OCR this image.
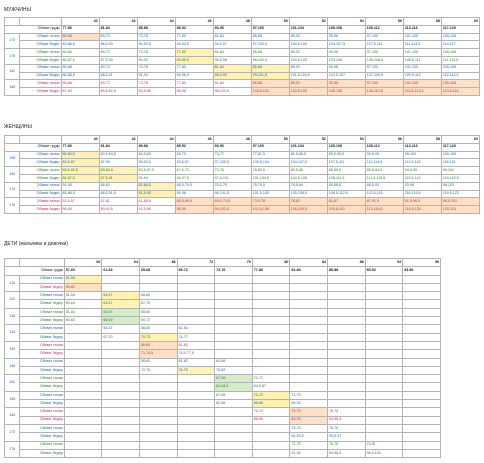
МУЖЧИНЫ
		40	42	44	46	48	50	52	54	56	58	60
Обхват груди		77-80	81-84	85-88	89-92	93-96	97-100	101-104	105-108	109-112	113-116	117-120
170	Обхват талии	65-68	69-72	73-76	77-80	81-84	85-88	89-92	93-96	97-100	101-105	105-108
	Обхват бедер	83-86,5	86,5-90	90-93,5	94-94,5	94,5-97	97-100,5	100,5-104	104-107,5	107,5-111	111-114,5	114-117
176	Обхват талии	65-68	69-72	73-76	77-80	81-84	85-88	89-92	93-96	97-100	101-105	105-108
	Обхват бедер	85-87,5	87,5-90	90-93	93-95,5	95,5-98	98-100,5	100,5-103	103-106	106-108,5	108,5-111	111-113,5
182	Обхват талии	65-68	69-72	73-76	77-80	81-84	85-88	89-92	93-96	97-100	101-105	105-108
	Обхват бедер	86-88,5	88,5-91	91-94	94-96,5	96,5-99	99-101,5	101,5-104,5	104,5-107	107-109,5	109,5-112	112-114,5
188	Обхват талии	65-68	69-72	73-76	77-80	81-84	85-88	89-92	93-96	97-100	101-105	105-108
	Обхват бедер	87-90	89,5-92,5	92,5-95	95-98	98-100,5	100,5-102	102,5-105	105-108	108-110,5	110,5-113,5	113,5-116
ЖЕНЩИНЫ
		40	42	44	46	48	50	52	54	56	58	60
Обхват груди		77-80	81-84	85-88	89-92	93-96	97-100	101-104	105-108	109-112	113-116	117-120
158	Обхват талии	56-60,5	60,5-64,5	64,5-69	69-73	73-77	77-81,5	81,5-85,5	85,5-90,5	90,5-95	95-100	100-105
	Обхват бедер	83,5-87	87-90	90-93,5	93,5-97	97-100,5	100,5-104	104-107,5	107,5-111	111-114,5	114,5-118	118-121
164	Обхват талии	55,5-59,5	59-63,5	63,5-67,5	67,5-72	72-76	76-80,5	80,5-85	85-89,5	89,5-94,5	94,5-99	99-104
	Обхват бедер	84-87,5	87,5-91	91-94	94-97,5	97,5-101	101-104,5	104,5-108	108-111,5	111,5-115,5	115,5-119	119-122,5
170	Обхват талии	54-58	58-62	62-66,5	66,5-70,5	70,5-75	75-79,5	79,5-84	84-88,5	88,5-93	93-98	98-103
	Обхват бедер	85-88,5	88,5-91,5	91,5-95	95-98	98-101,5	101,5-105	105-108,5	108,5-112,5	112,5-116	116-119,5	119,5-123
176	Обхват талии	52,5-57	57-61	61-65,5	65,5-69,5	69,5-73,5	73,5-78	78-82	82-87	87-91,5	91,5-96,5	96,5-101
	Обхват бедер	86-89	89-92,5	92,5-96	96-99	99-102,5	102,5-106	106-109,5	109,5-113	113-116,5	116,5-120	120-124
ДЕТИ (мальчики и девочки)
		60	64	68	72	76	80	84	88	92	96
Обхват груди		57-60	61-64	65-68	69-72	73-76	77-80	81-84	85-88	89-92	93-96
116	Обхват талии	51-54									
	Обхват бедер	59-62									
122	Обхват талии	51-54	54-57	58-60							
	Обхват бедер	60-63	64-67	67-70							
128	Обхват талии	51-54	54-57	58-60							
	Обхват бедер	60-63	66-69	69-72							
134	Обхват талии		54-57	58-60	61-63						
	Обхват бедер		67-70	70-73	74-77						
140	Обхват талии			58-60	61-63						
	Обхват бедер			71-74,5	74,5-77,5						
146	Обхват талии			58-60	61-63	64-66					
	Обхват бедер			72-75	76-79	79-82					
152	Обхват талии					67-69	70-72				
	Обхват бедер					81-84,5	84,5-87				
158	Обхват талии					67-69	70-72	73-75			
	Обхват бедер					82-85	85-89	89-92			
164	Обхват талии						70-72	73-75	76-78		
	Обхват бедер						86-89	89-93	93-96,5		
170	Обхват талии							73-75	76-78		
	Обхват бедер							90-93,5	93,5-97		
176	Обхват талии							73-75	76-78	79-81	
	Обхват бедер							91-94	94-96,5	96,5-100	
